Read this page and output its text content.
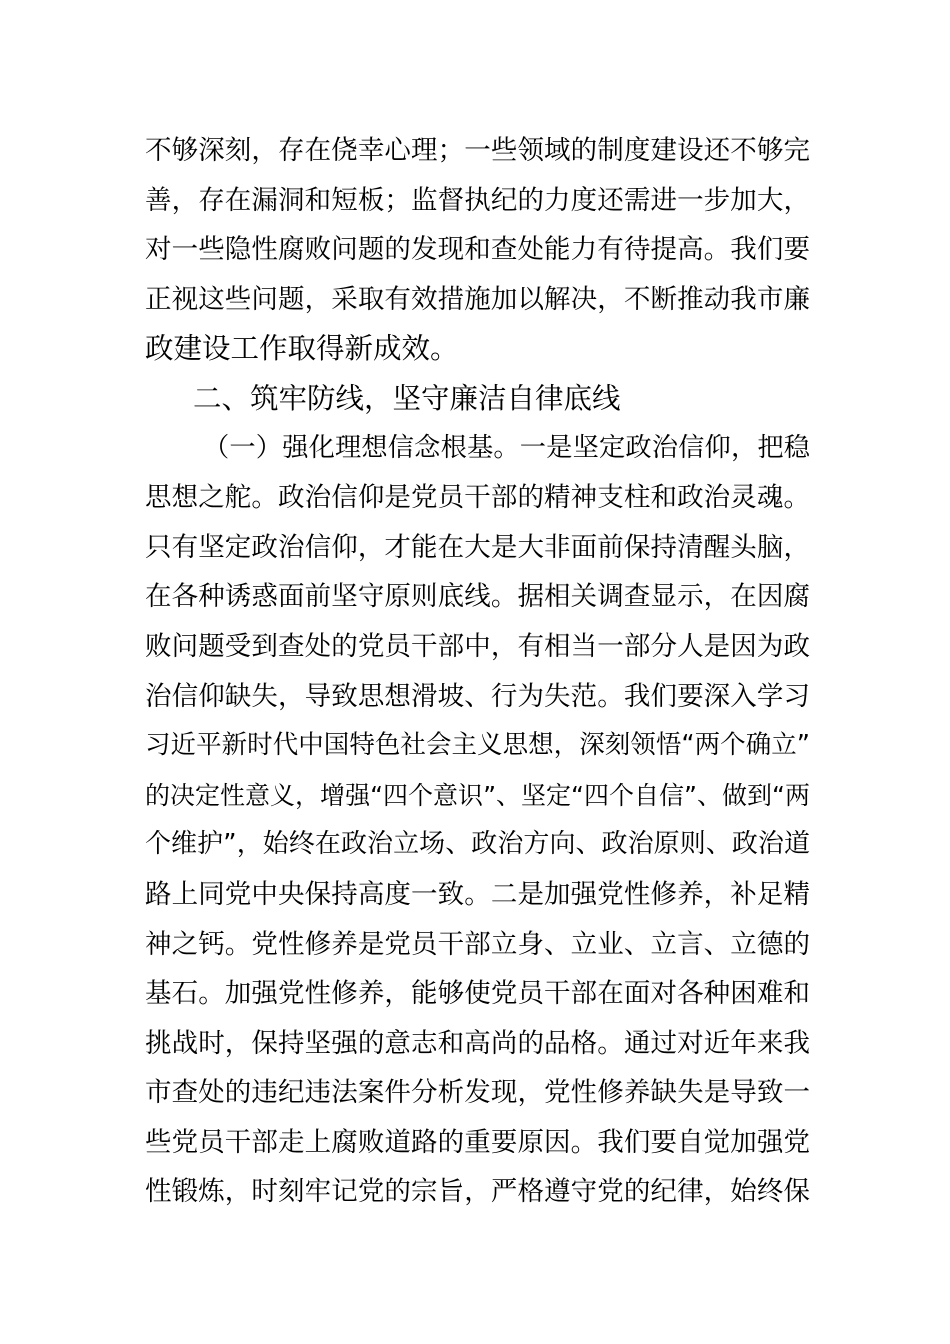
不够深刻，存在侥幸心理；一些领域的制度建设还不够完
善，存在漏洞和短板；监督执纪的力度还需进一步加大，
对一些隐性腐败问题的发现和查处能力有待提高。我们要
正视这些问题，采取有效措施加以解决，不断推动我市廉
政建设工作取得新成效。
二、筑牢防线，坚守廉洁自律底线
（一）强化理想信念根基。一是坚定政治信仰，把稳
思想之舵。政治信仰是党员干部的精神支柱和政治灵魂。
只有坚定政治信仰，才能在大是大非面前保持清醒头脑，
在各种诱惑面前坚守原则底线。据相关调查显示，在因腐
败问题受到查处的党员干部中，有相当一部分人是因为政
治信仰缺失，导致思想滑坡、行为失范。我们要深入学习
习近平新时代中国特色社会主义思想，深刻领悟“两个确立”
的决定性意义，增强“四个意识”、坚定“四个自信”、做到“两
个维护”，始终在政治立场、政治方向、政治原则、政治道
路上同党中央保持高度一致。二是加强党性修养，补足精
神之钙。党性修养是党员干部立身、立业、立言、立德的
基石。加强党性修养，能够使党员干部在面对各种困难和
挑战时，保持坚强的意志和高尚的品格。通过对近年来我
市查处的违纪违法案件分析发现，党性修养缺失是导致一
些党员干部走上腐败道路的重要原因。我们要自觉加强党
性锻炼，时刻牢记党的宗旨，严格遵守党的纪律，始终保
